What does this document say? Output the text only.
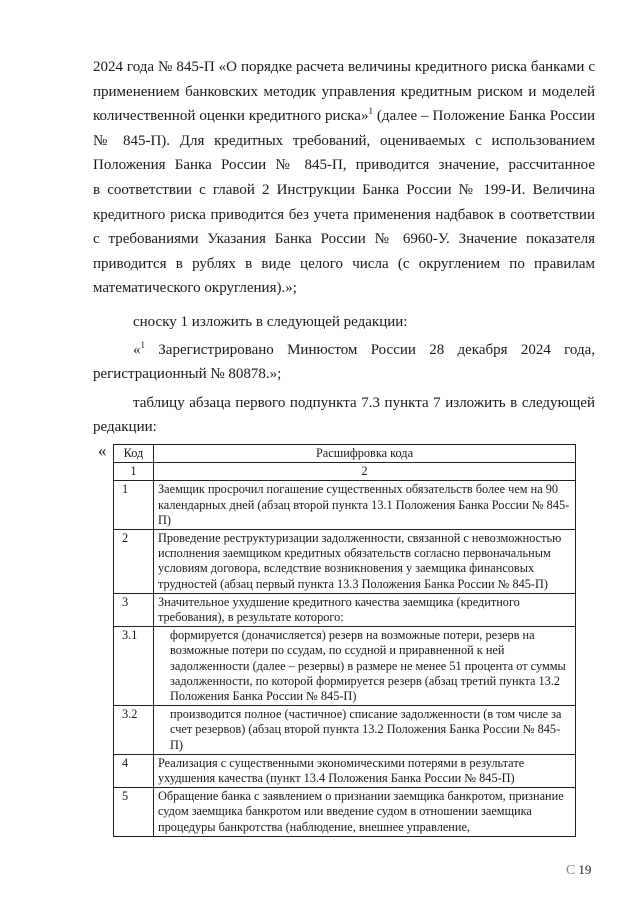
2024 года № 845-П «О порядке расчета величины кредитного риска банками с
применением банковских методик управления кредитным риском и моделей
количественной оценки кредитного риска»$^1$ (далее – Положение Банка России
№ 845-П). Для кредитных требований, оцениваемых с использованием
Положения Банка России № 845-П, приводится значение, рассчитанное
в соответствии с главой 2 Инструкции Банка России № 199-И. Величина
кредитного риска приводится без учета применения надбавок в соответствии
с требованиями Указания Банка России № 6960-У. Значение показателя
приводится в рублях в виде целого числа (с округлением по правилам
математического округления).»;
сноску 1 изложить в следующей редакции:
«$^1$ Зарегистрировано Минюстом России 28 декабря 2024 года,
регистрационный № 80878.»;
таблицу абзаца первого подпункта 7.3 пункта 7 изложить в следующей
редакции:
« Код	Расшифровка кода
1	2
1	Заемщик просрочил погашение существенных обязательств более чем на 90 календарных дней (абзац второй пункта 13.1 Положения Банка России № 845-П)
2	Проведение реструктуризации задолженности, связанной с невозможностью исполнения заемщиком кредитных обязательств согласно первоначальным условиям договора, вследствие возникновения у заемщика финансовых трудностей (абзац первый пункта 13.3 Положения Банка России № 845-П)
3	Значительное ухудшение кредитного качества заемщика (кредитного требования), в результате которого:
3.1	формируется (доначисляется) резерв на возможные потери, резерв на возможные потери по ссудам, по ссудной и приравненной к ней задолженности (далее – резервы) в размере не менее 51 процента от суммы задолженности, по которой формируется резерв (абзац третий пункта 13.2 Положения Банка России № 845-П)
3.2	производится полное (частичное) списание задолженности (в том числе за счет резервов) (абзац второй пункта 13.2 Положения Банка России № 845-П)
4	Реализация с существенными экономическими потерями в результате ухудшения качества (пункт 13.4 Положения Банка России № 845-П)
5	Обращение банка с заявлением о признании заемщика банкротом, признание судом заемщика банкротом или введение судом в отношении заемщика процедуры банкротства (наблюдение, внешнее управление,
С 19
